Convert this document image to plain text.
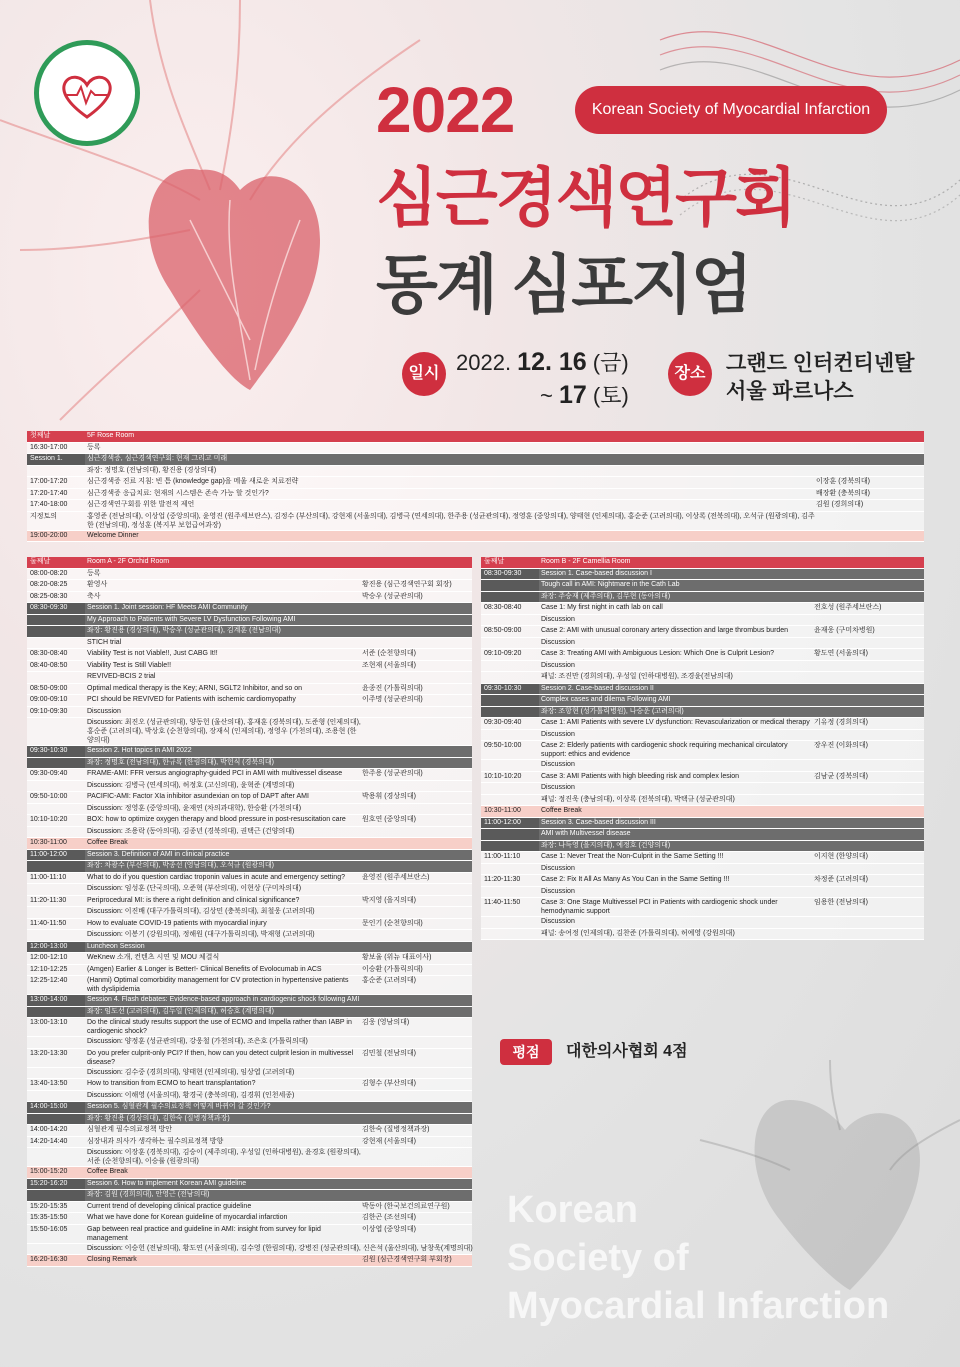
2022	Korean Society of Myocardial Infarction
심근경색연구회
동계 심포지엄
일시 2022. 12. 16 (금)
~ 17 (토)
장소 그랜드 인터컨티넨탈
서울 파르나스
첫째날	5F Rose Room
16:30-17:00	등록
Session 1.	심근경색증, 심근경색연구회: 현재 그리고 미래
좌장: 정명호 (전남의대), 황진용 (경상의대)
17:00-17:20	심근경색증 진료 지침: 빈 틈 (knowledge gap)을 메울 새로운 치료전략	이장훈 (경북의대)
17:20-17:40	심근경색증 응급치료: 현재의 시스템은 존속 가능 할 것인가?	배장환 (충북의대)
17:40-18:00	심근경색연구회를 위한 발전적 제언	김원 (경희의대)
지정토의	홍영준 (전남의대), 이상업 (중앙의대), 윤영진 (원주세브란스), 김정수 (부산의대), 강현재 (서울의대), 김병극 (연세의대), 한주용 (성균관의대), 정영훈 (중앙의대), 양태현 (인제의대), 홍순준 (고려의대), 이상록 (전북의대), 오석규 (원광의대), 김주한 (전남의대), 정성훈 (복지부 보험급여과장)
19:00-20:00	Welcome Dinner
둘째날	Room A - 2F Orchid Room
08:00-08:20	등록
08:20-08:25	환영사	황진용 (심근경색연구회 회장)
08:25-08:30	축사	박승우 (성균관의대)
08:30-09:30	Session 1. Joint session: HF Meets AMI Community
My Approach to Patients with Severe LV Dysfunction Following AMI
좌장: 황진용 (경상의대), 박승우 (성균관의대), 김계훈 (전남의대)
STICH trial
08:30-08:40	Viability Test is not Viable!!, Just CABG It!!	서준 (순천향의대)
08:40-08:50	Viability Test is Still Viable!!	조현재 (서울의대)
REVIVED-BCIS 2 trial
08:50-09:00	Optimal medical therapy is the Key; ARNI, SGLT2 Inhibitor, and so on	윤종진 (가톨릭의대)
09:00-09:10	PCI should be REVIVED for Patients with ischemic cardiomyopathy	이주명 (성균관의대)
09:10-09:30	Discussion
Discussion: 최진오 (성균관의대), 양동헌 (울산의대), 홍재훈 (경북의대), 도준형 (인제의대), 홍순준 (고려의대), 박상호 (순천향의대), 장재식 (인제의대), 정영우 (가천의대), 조용현 (한양의대)
09:30-10:30	Session 2. Hot topics in AMI 2022
좌장: 정명호 (전남의대), 한규록 (한림의대), 박헌식 (경북의대)
09:30-09:40	FRAME-AMI: FFR versus angiography-guided PCI in AMI with multivessel disease	한주용 (성균관의대)
Discussion: 김병극 (연세의대), 허정호 (고신의대), 윤혁준 (계명의대)
09:50-10:00	PACIFIC-AMI: Factor XIa inhibitor asundexian on top of DAPT after AMI	박용휘 (경상의대)
Discussion: 정영훈 (중앙의대), 윤재연 (차의과대학), 한승환 (가천의대)
10:10-10:20	BOX: how to optimize oxygen therapy and blood pressure in post-resuscitation care	원호연 (중앙의대)
Discussion: 조용락 (동아의대), 김종년 (경북의대), 권택근 (건양의대)
10:30-11:00	Coffee Break
11:00-12:00	Session 3. Definition of AMI in clinical practice
좌장: 차광수 (부산의대), 박종선 (영남의대), 오석규 (원광의대)
11:00-11:10	What to do if you question cardiac troponin values in acute and emergency setting?	윤영진 (원주세브란스)
Discussion: 임성훈 (단국의대), 오준혁 (부산의대), 이현상 (구미차의대)
11:20-11:30	Periprocedural MI: is there a right definition and clinical significance?	박지영 (을지의대)
Discussion: 이진배 (대구가톨릭의대), 김상민 (충북의대), 최철웅 (고려의대)
11:40-11:50	How to evaluate COVID-19 patients with myocardial injury	문인기 (순천향의대)
Discussion: 이봉기 (강원의대), 정해원 (대구가톨릭의대), 박재형 (고려의대)
12:00-13:00	Luncheon Session
12:00-12:10	WeKnew 소개, 컨텐츠 시연 및 MOU 체결식	황보율 (위뉴 대표이사)
12:10-12:25	(Amgen) Earlier & Longer is Better!- Clinical Benefits of Evolocumab in ACS	이승환 (가톨릭의대)
12:25-12:40	(Hanmi) Optimal comorbidity management for CV protection in hypertensive patients with dyslipidemia
홍순준 (고려의대)
13:00-14:00	Session 4. Flash debates: Evidence-based approach in cardiogenic shock following AMI
좌장: 임도선 (고려의대), 김두일 (인제의대), 허승호 (계명의대)
13:00-13:10	Do the clinical study results support the use of ECMO and Impella rather than IABP in cardiogenic shock?
김웅 (영남의대)
Discussion: 양정훈 (성균관의대), 강웅철 (가천의대), 조은호 (가톨릭의대)
13:20-13:30	Do you prefer culprit-only PCI? If then, how can you detect culprit lesion in multivessel disease?
김민철 (전남의대)
Discussion: 김수중 (경희의대), 양태현 (인제의대), 임상엽 (고려의대)
13:40-13:50	How to transition from ECMO to heart transplantation?	김형수 (부산의대)
Discussion: 이해영 (서울의대), 황경국 (충북의대), 김경휘 (인천세종)
14:00-15:00	Session 5. 심혈관계 필수의료정책 어떻게 바뀌어 갈 것인가?
좌장: 황진용 (경상의대), 김한숙 (질병정책과장)
14:00-14:20	심혈관계 필수의료정책 방안	김한숙 (질병정책과장)
14:20-14:40	심장내과 의사가 생각하는 필수의료정책 방향	강현재 (서울의대)
Discussion: 이장훈 (경북의대), 김승이 (제주의대), 우성일 (인하대병원), 윤경호 (원광의대), 서준 (순천향의대), 이승률 (원광의대)
15:00-15:20	Coffee Break
15:20-16:20	Session 6. How to implement Korean AMI guideline
좌장: 김원 (경희의대), 안영근 (전남의대)
15:20-15:35	Current trend of developing clinical practice guideline	박동아 (한국보건의료연구원)
15:35-15:50	What we have done for Korean guideline of myocardial infarction	김한곤 (조선의대)
15:50-16:05	Gap between real practice and guideline in AMI: insight from survey for lipid management
이상엽 (중앙의대)
Discussion: 이승헌 (전남의대), 황도연 (서울의대), 김수영 (한림의대), 강병진 (성균관의대), 신은석 (울산의대), 남창욱(계명의대)
16:20-16:30	Closing Remark	김원 (심근경색연구회 부회장)
둘째날	Room B - 2F Camellia Room
08:30-09:30	Session 1. Case-based discussion I
Tough call in AMI: Nightmare in the Cath Lab
좌장: 주승재 (제주의대), 김무현 (동아의대)
08:30-08:40	Case 1: My first night in cath lab on call	전호성 (원주세브란스)
Discussion
08:50-09:00	Case 2: AMI with unusual coronary artery dissection and large thrombus burden	윤재웅 (구미차병원)
Discussion
09:10-09:20	Case 3: Treating AMI with Ambiguous Lesion: Which One is Culprit Lesion?	황도연 (서울의대)
Discussion
패널: 조진만 (경희의대), 우성일 (인하대병원), 조경윤(전남의대)
09:30-10:30	Session 2. Case-based discussion II
Complex cases and dilema Following AMI
좌장: 조항현 (성가톨릭병원), 나승운 (고려의대)
09:30-09:40	Case 1: AMI Patients with severe LV dysfunction: Revascularization or medical therapy 기유정 (경희의대)
Discussion
09:50-10:00	Case 2: Elderly patients with cardiogenic shock requiring mechanical circulatory support: ethics and evidence
장우진 (이화의대)
Discussion
10:10-10:20	Case 3: AMI Patients with high bleeding risk and complex lesion	김남균 (경북의대)
Discussion
패널: 정진욱 (충남의대), 이상록 (전북의대), 박택규 (성균관의대)
10:30-11:00	Coffee Break
11:00-12:00	Session 3. Case-based discussion III
AMI with Multivessel disease
좌장: 나득영 (을지의대), 예정호 (건양의대)
11:00-11:10	Case 1: Never Treat the Non-Culprit in the Same Setting !!!	이지현 (한양의대)
Discussion
11:20-11:30	Case 2: Fix It All As Many As You Can in the Same Setting !!!	차정준 (고려의대)
Discussion
11:40-11:50	Case 3: One Stage Multivessel PCI in Patients with cardiogenic shock under hemodynamic support
임용한 (전남의대)
Discussion
패널: 송여정 (인제의대), 김찬준 (가톨릭의대), 허예영 (강원의대)
평점	대한의사협회 4점
Korean
Society of
Myocardial Infarction
